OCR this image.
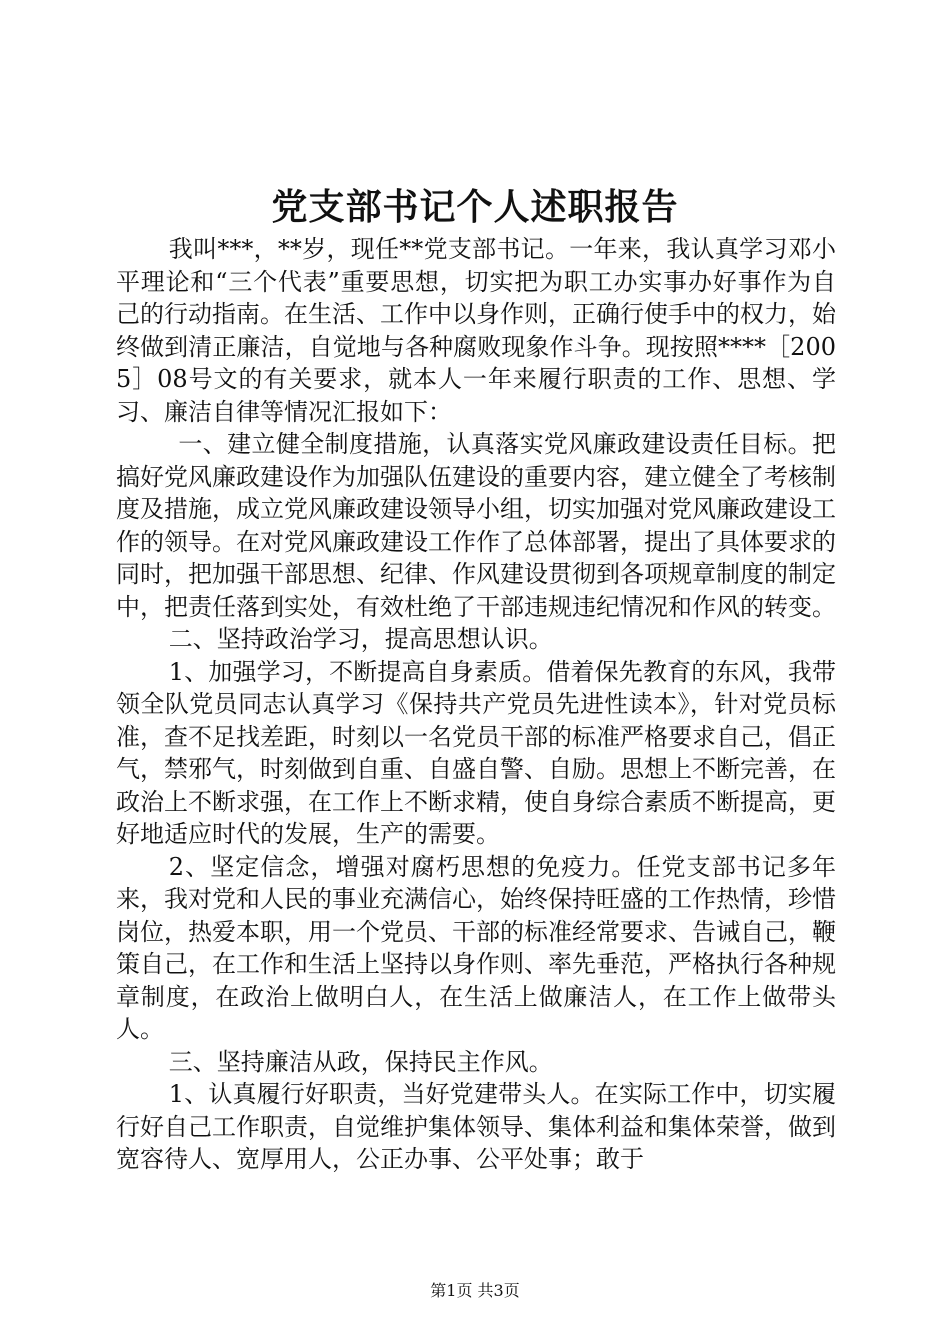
党支部书记个人述职报告

我叫***，**岁，现任**党支部书记。一年来，我认真学习邓小平理论和“三个代表”重要思想，切实把为职工办实事办好事作为自己的行动指南。在生活、工作中以身作则，正确行使手中的权力，始终做到清正廉洁，自觉地与各种腐败现象作斗争。现按照****［2005］08号文的有关要求，就本人一年来履行职责的工作、思想、学习、廉洁自律等情况汇报如下：

一、建立健全制度措施，认真落实党风廉政建设责任目标。把搞好党风廉政建设作为加强队伍建设的重要内容，建立健全了考核制度及措施，成立党风廉政建设领导小组，切实加强对党风廉政建设工作的领导。在对党风廉政建设工作作了总体部署，提出了具体要求的同时，把加强干部思想、纪律、作风建设贯彻到各项规章制度的制定中，把责任落到实处，有效杜绝了干部违规违纪情况和作风的转变。

二、坚持政治学习，提高思想认识。

1、加强学习，不断提高自身素质。借着保先教育的东风，我带领全队党员同志认真学习《保持共产党员先进性读本》，针对党员标准，查不足找差距，时刻以一名党员干部的标准严格要求自己，倡正气，禁邪气，时刻做到自重、自盛自警、自励。思想上不断完善，在政治上不断求强，在工作上不断求精，使自身综合素质不断提高，更好地适应时代的发展，生产的需要。

2、坚定信念，增强对腐朽思想的免疫力。任党支部书记多年来，我对党和人民的事业充满信心，始终保持旺盛的工作热情，珍惜岗位，热爱本职，用一个党员、干部的标准经常要求、告诫自己，鞭策自己，在工作和生活上坚持以身作则、率先垂范，严格执行各种规章制度，在政治上做明白人，在生活上做廉洁人，在工作上做带头人。

三、坚持廉洁从政，保持民主作风。

1、认真履行好职责，当好党建带头人。在实际工作中，切实履行好自己工作职责，自觉维护集体领导、集体利益和集体荣誉，做到宽容待人、宽厚用人，公正办事、公平处事；敢于

第1页 共3页
